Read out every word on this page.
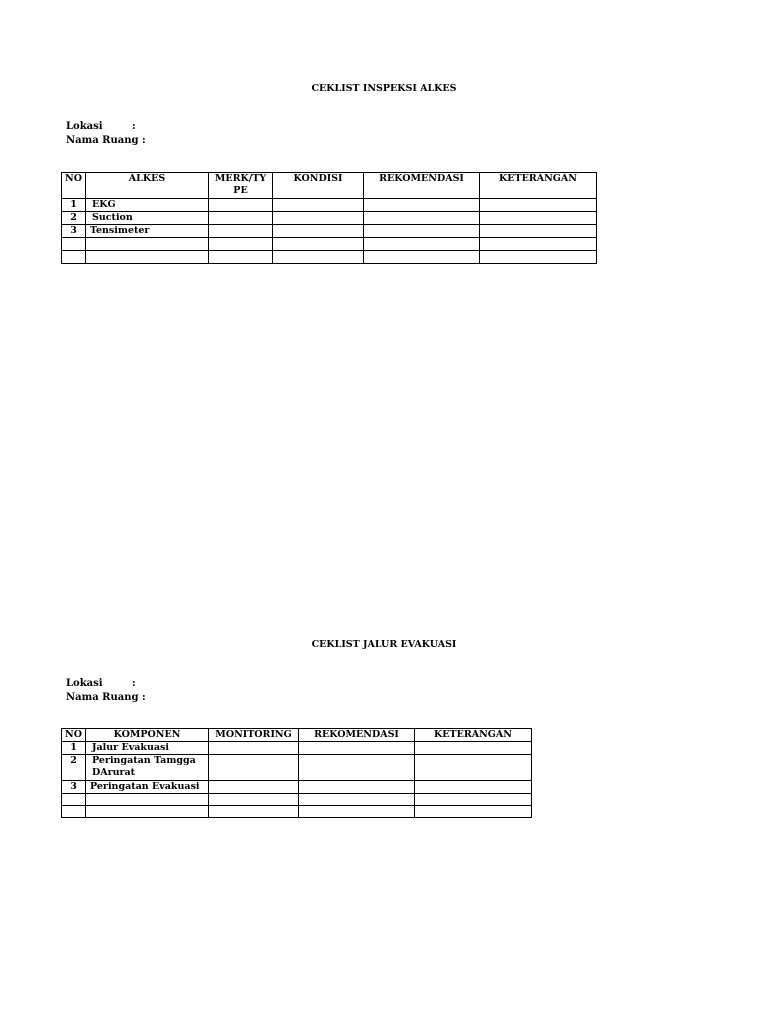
CEKLIST INSPEKSI ALKES
Lokasi	:
Nama Ruang :
NO	ALKES	MERK/TY PE	KONDISI	REKOMENDASI	KETERANGAN
1	EKG				
2	Suction				
3	Tensimeter				

CEKLIST JALUR EVAKUASI
Lokasi	:
Nama Ruang :
NO	KOMPONEN	MONITORING	REKOMENDASI	KETERANGAN
1	Jalur Evakuasi			
2	Peringatan Tamgga DArurat			
3	Peringatan Evakuasi			
